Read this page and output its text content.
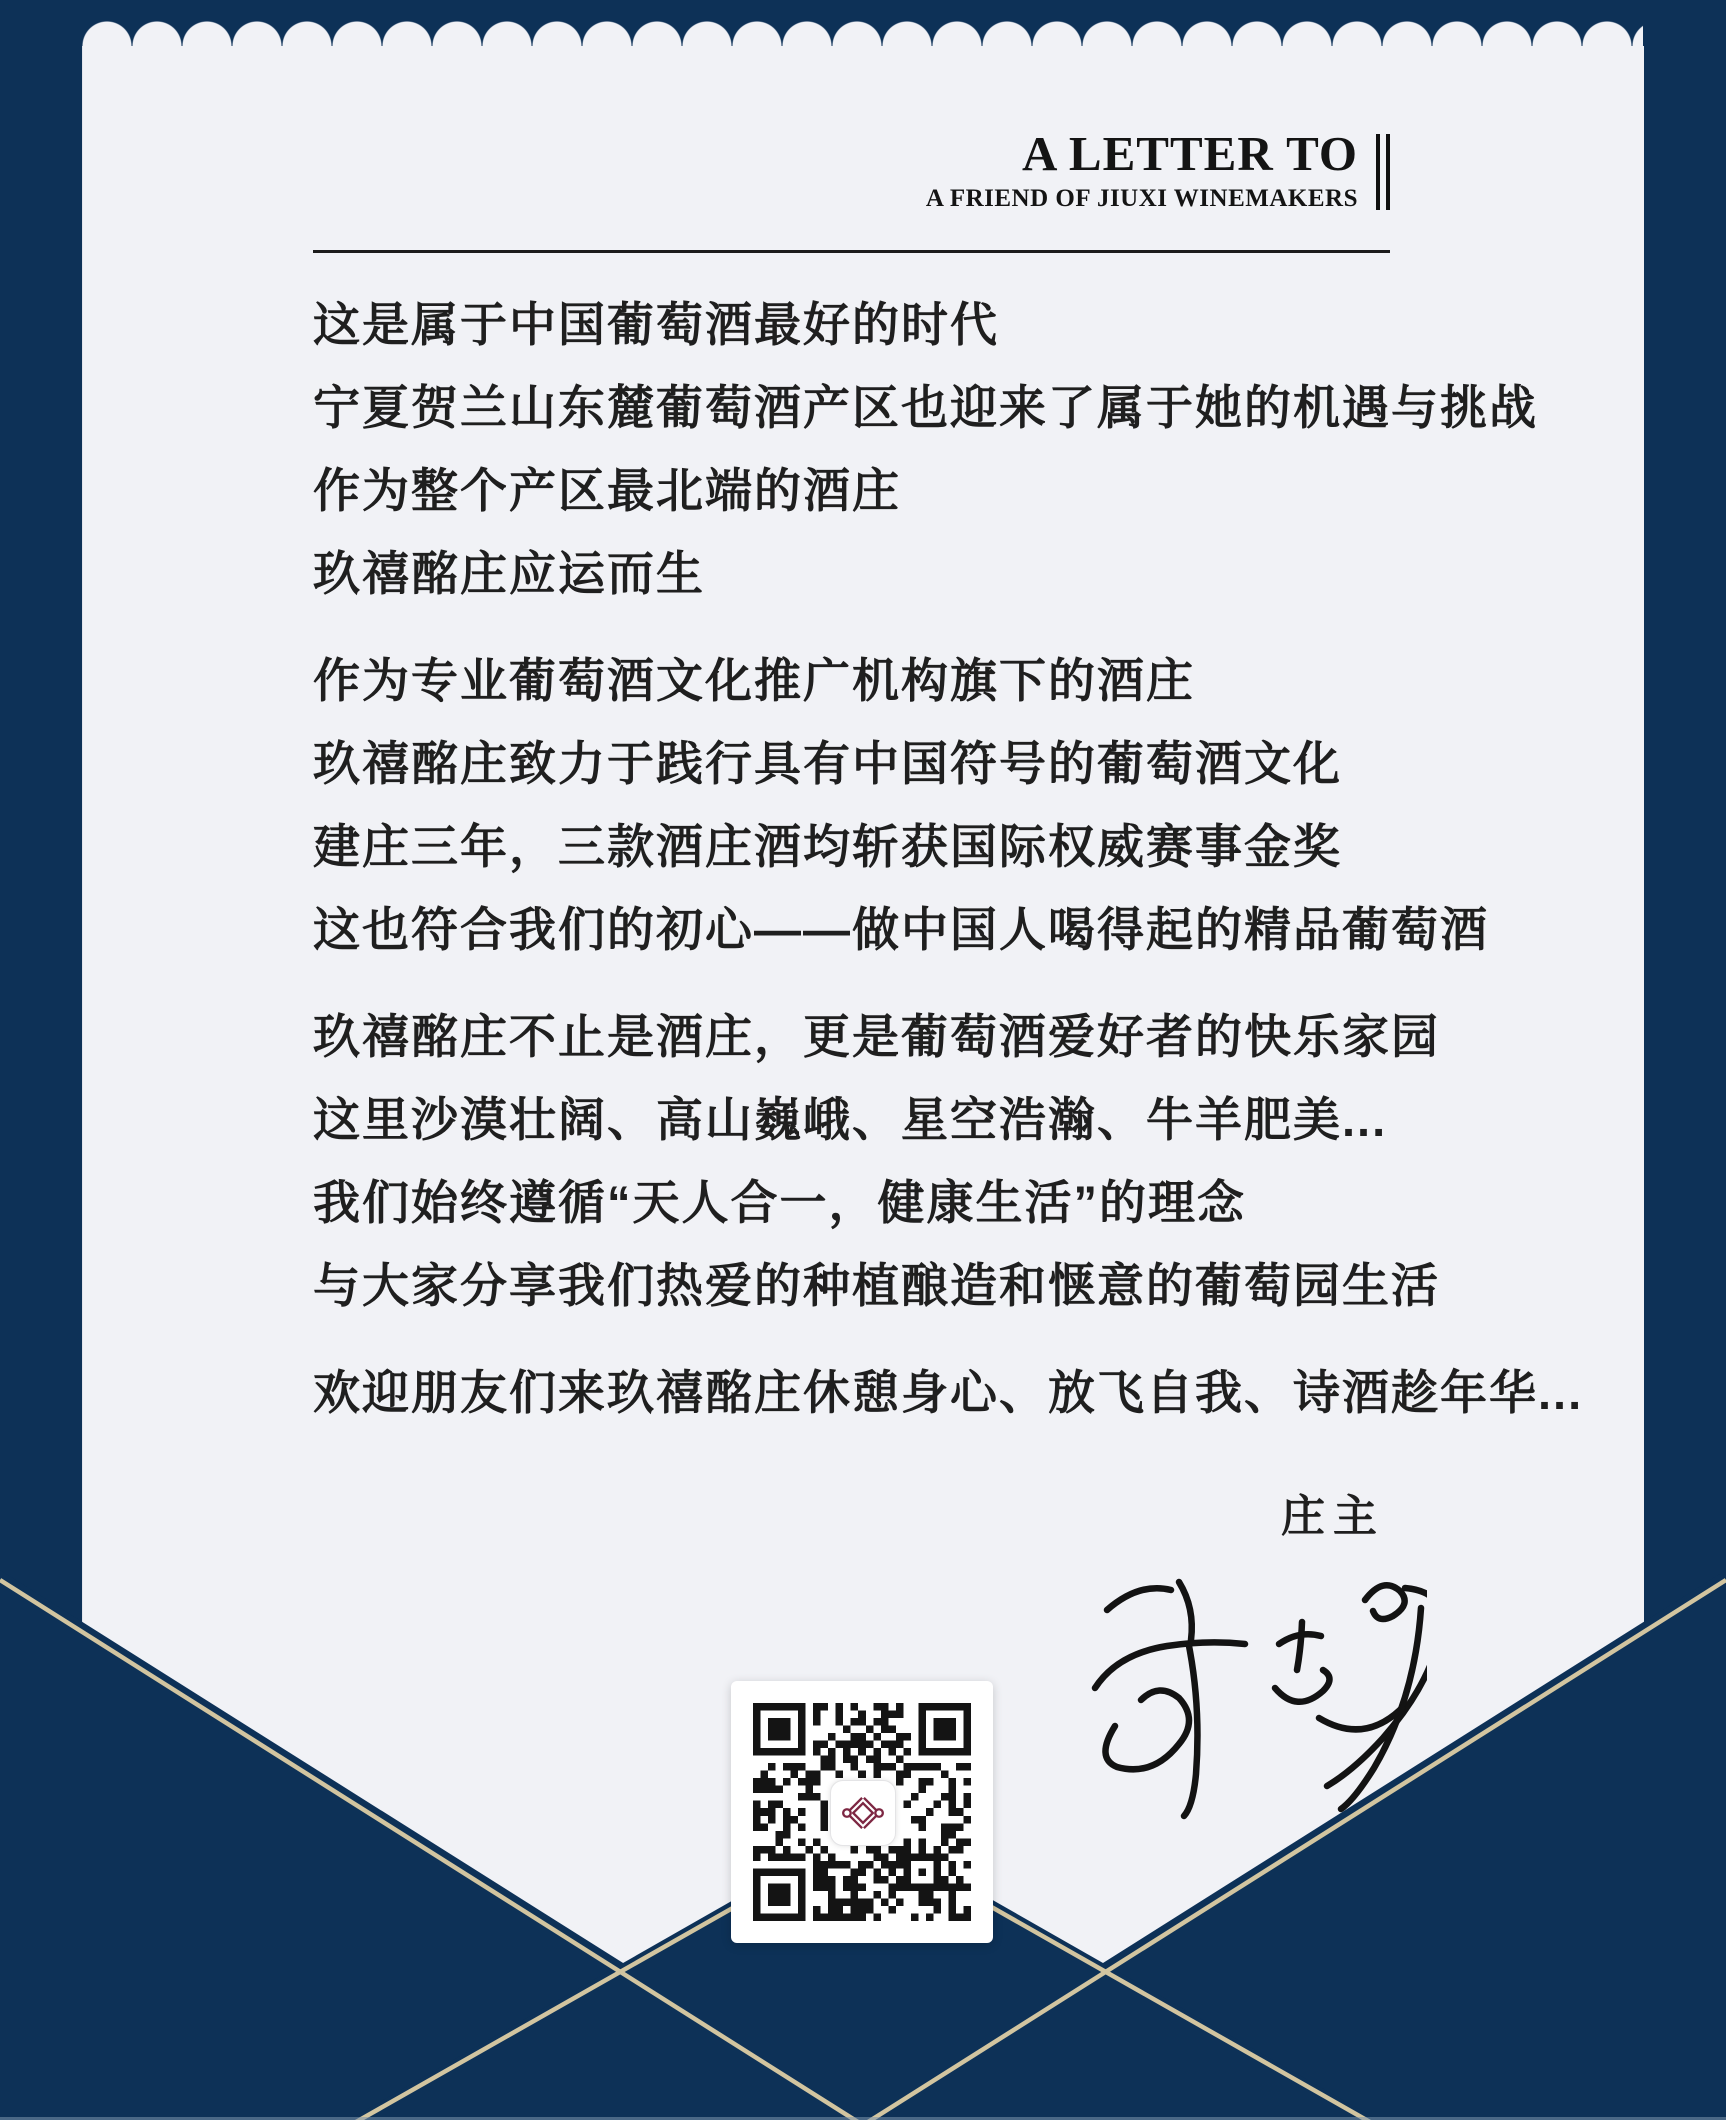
A LETTER TO
A FRIEND OF JIUXI WINEMAKERS

这是属于中国葡萄酒最好的时代
宁夏贺兰山东麓葡萄酒产区也迎来了属于她的机遇与挑战
作为整个产区最北端的酒庄
玖禧酩庄应运而生

作为专业葡萄酒文化推广机构旗下的酒庄
玖禧酩庄致力于践行具有中国符号的葡萄酒文化
建庄三年，三款酒庄酒均斩获国际权威赛事金奖
这也符合我们的初心——做中国人喝得起的精品葡萄酒

玖禧酩庄不止是酒庄，更是葡萄酒爱好者的快乐家园
这里沙漠壮阔、高山巍峨、星空浩瀚、牛羊肥美...
我们始终遵循“天人合一，健康生活”的理念
与大家分享我们热爱的种植酿造和惬意的葡萄园生活

欢迎朋友们来玖禧酩庄休憩身心、放飞自我、诗酒趁年华...

庄主
